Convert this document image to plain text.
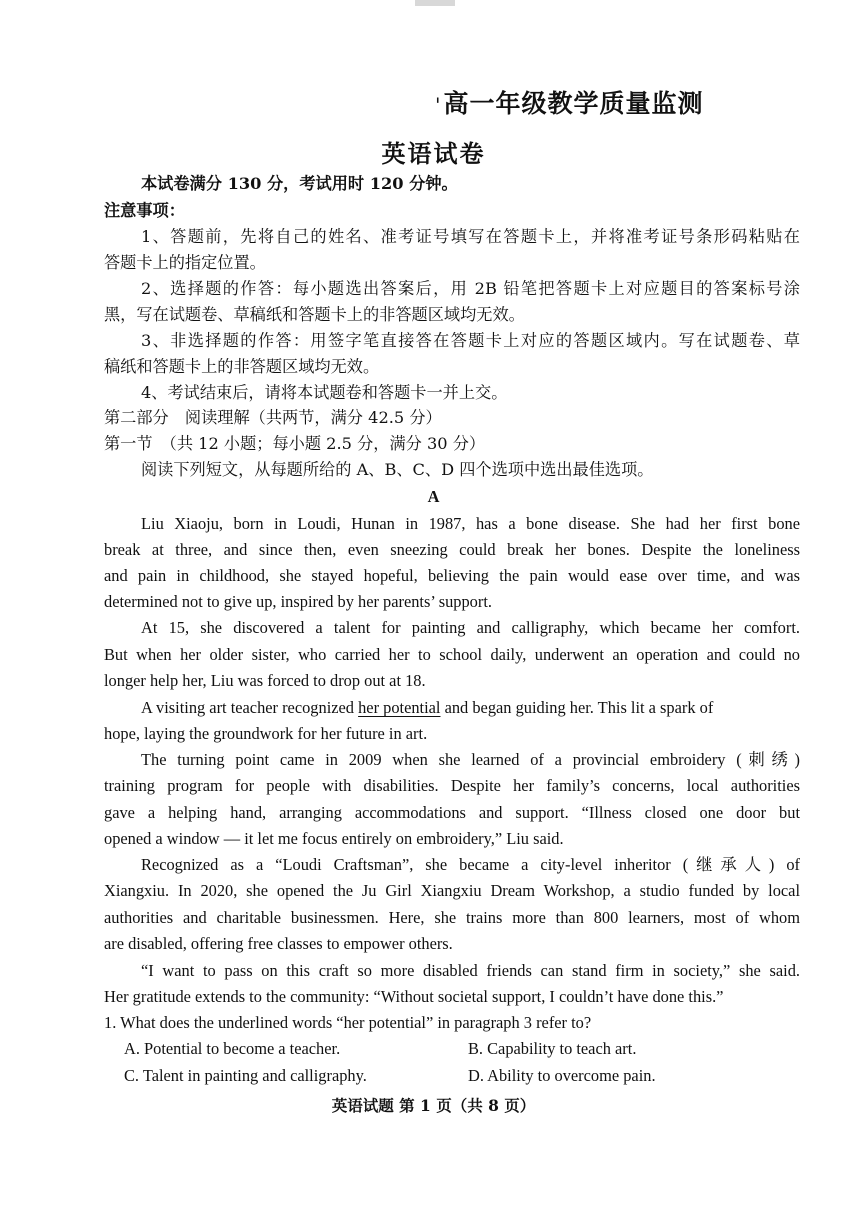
'高一年级教学质量监测
英语试卷
本试卷满分 130 分，考试用时 120 分钟。
注意事项：
1、答题前，先将自己的姓名、准考证号填写在答题卡上，并将准考证号条形码粘贴在
答题卡上的指定位置。
2、选择题的作答：每小题选出答案后，用 2B 铅笔把答题卡上对应题目的答案标号涂
黑，写在试题卷、草稿纸和答题卡上的非答题区域均无效。
3、非选择题的作答：用签字笔直接答在答题卡上对应的答题区域内。写在试题卷、草
稿纸和答题卡上的非答题区域均无效。
4、考试结束后，请将本试题卷和答题卡一并上交。
第二部分　阅读理解（共两节，满分 42.5 分）
第一节　（共 12 小题；每小题 2.5 分，满分 30 分）
阅读下列短文，从每题所给的 A、B、C、D 四个选项中选出最佳选项。
A
Liu Xiaoju, born in Loudi, Hunan in 1987, has a bone disease. She had her first bone
break at three, and since then, even sneezing could break her bones. Despite the loneliness
and pain in childhood, she stayed hopeful, believing the pain would ease over time, and was
determined not to give up, inspired by her parents’ support.
At 15, she discovered a talent for painting and calligraphy, which became her comfort.
But when her older sister, who carried her to school daily, underwent an operation and could no
longer help her, Liu was forced to drop out at 18.
A visiting art teacher recognized her potential and began guiding her. This lit a spark of
hope, laying the groundwork for her future in art.
The turning point came in 2009 when she learned of a provincial embroidery (刺绣)
training program for people with disabilities. Despite her family’s concerns, local authorities
gave a helping hand, arranging accommodations and support. “Illness closed one door but
opened a window — it let me focus entirely on embroidery,” Liu said.
Recognized as a “Loudi Craftsman”, she became a city-level inheritor (继承人) of
Xiangxiu. In 2020, she opened the Ju Girl Xiangxiu Dream Workshop, a studio funded by local
authorities and charitable businessmen. Here, she trains more than 800 learners, most of whom
are disabled, offering free classes to empower others.
“I want to pass on this craft so more disabled friends can stand firm in society,” she said.
Her gratitude extends to the community: “Without societal support, I couldn’t have done this.”
1. What does the underlined words “her potential” in paragraph 3 refer to?
A. Potential to become a teacher.	B. Capability to teach art.
C. Talent in painting and calligraphy.	D. Ability to overcome pain.
英语试题 第 1 页（共 8 页）
